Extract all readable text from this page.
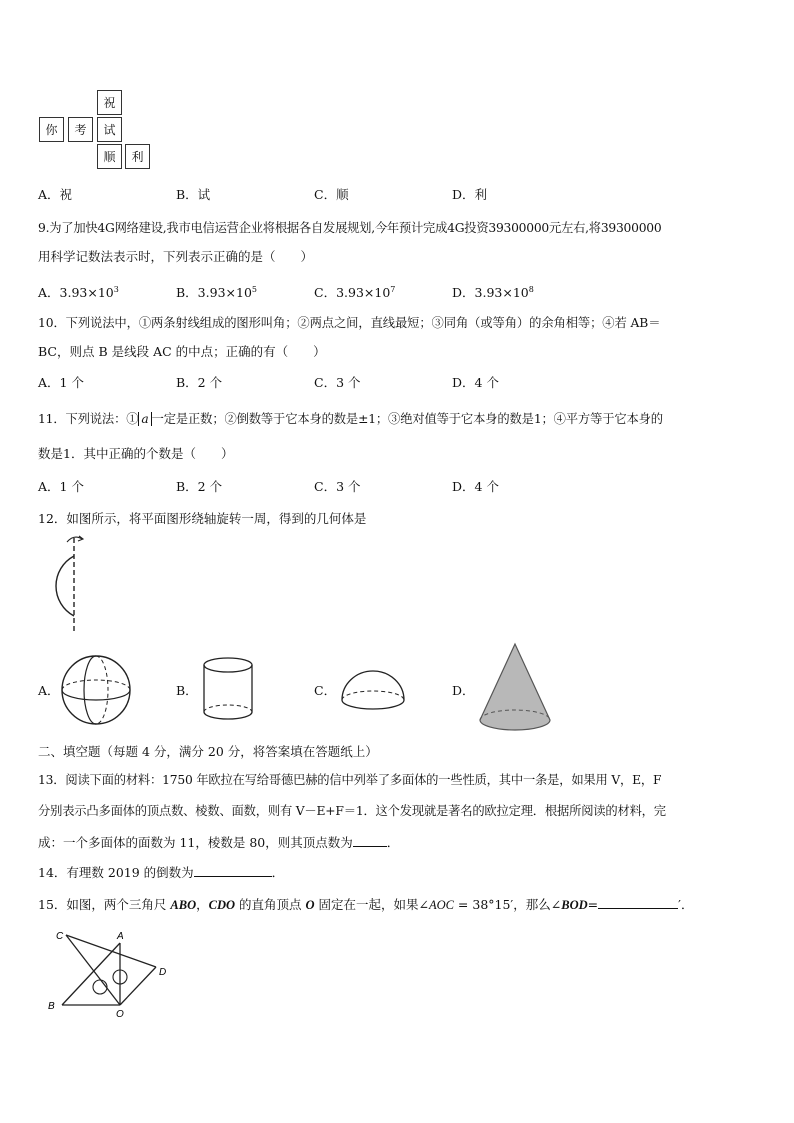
祝
你	考	试
顺	利
A．祝	B．试	C．顺	D．利
9.为了加快4G网络建设,我市电信运营企业将根据各自发展规划,今年预计完成4G投资39300000元左右,将39300000
用科学记数法表示时，下列表示正确的是（　　）
A．$3.93\times 10^3$	B．$3.93\times 10^5$	C．$3.93\times 10^7$	D．$3.93\times 10^8$
10．下列说法中，①两条射线组成的图形叫角；②两点之间，直线最短；③同角（或等角）的余角相等；④若 AB＝
BC，则点 B 是线段 AC 的中点；正确的有（　　）
A．1 个	B．2 个	C．3 个	D．4 个
11．下列说法：① a 一定是正数；②倒数等于它本身的数是±1；③绝对值等于它本身的数是1；④平方等于它本身的
数是1．其中正确的个数是（　　）
A．1 个	B．2 个	C．3 个	D．4 个
12．如图所示，将平面图形绕轴旋转一周，得到的几何体是
A．	B．	C．	D．
二、填空题（每题 4 分，满分 20 分，将答案填在答题纸上）
13．阅读下面的材料：1750 年欧拉在写给哥德巴赫的信中列举了多面体的一些性质，其中一条是，如果用 V，E，F
分别表示凸多面体的顶点数、棱数、面数，则有 V－E+F＝1．这个发现就是著名的欧拉定理．根据所阅读的材料，完
成：一个多面体的面数为 11，棱数是 80，则其顶点数为	．
14．有理数 2019 的倒数为	．
15．如图，两个三角尺 ABO，CDO 的直角顶点 O 固定在一起，如果∠AOC = 38°15′，那么∠BOD=	′．
C	A
D
B
O
